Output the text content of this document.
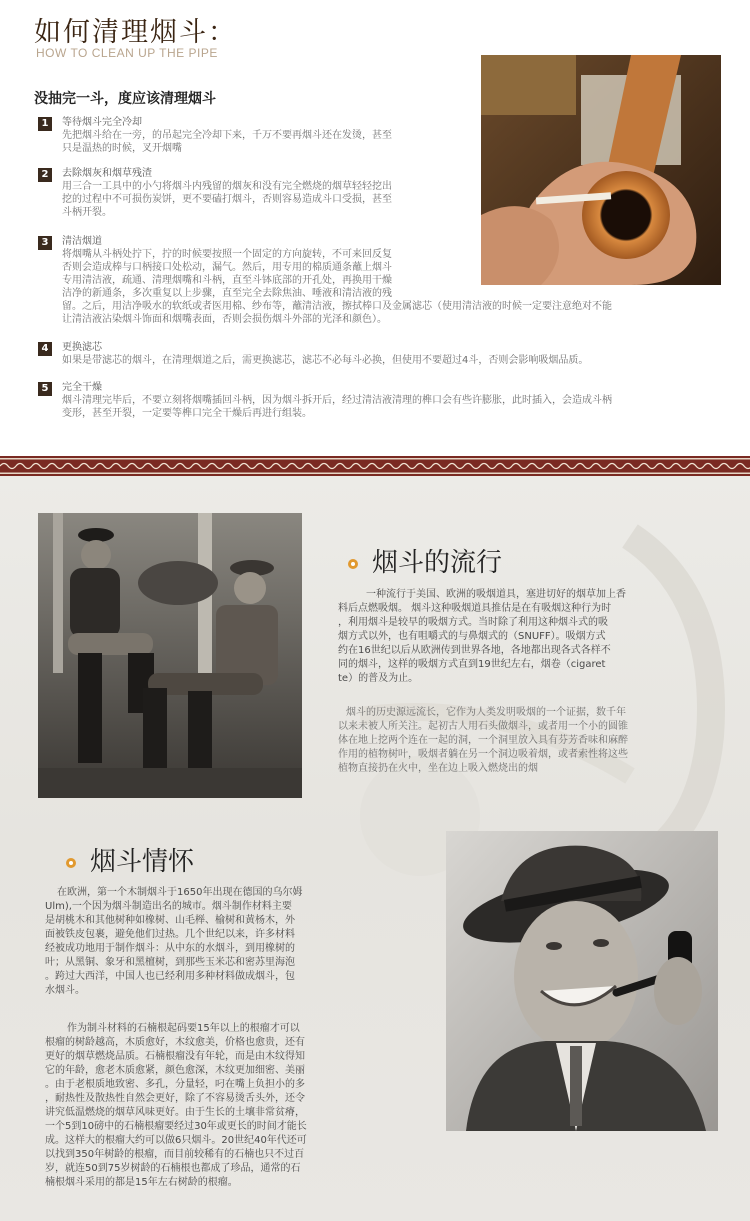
如何清理烟斗：
HOW TO CLEAN UP THE PIPE
没抽完一斗，度应该清理烟斗
1	等待烟斗完全冷却
先把烟斗给在一旁，的吊起完全冷却下来，千万不要再烟斗还在发烫，甚至
只是温热的时候，叉开烟嘴
2	去除烟灰和烟草残渣
用三合一工具中的小勺将烟斗内残留的烟灰和没有完全燃烧的烟草轻轻挖出
挖的过程中不可损伤炭饼，更不要磕打烟斗，否则容易造成斗口受损，甚至
斗柄开裂。
3	清洁烟道
将烟嘴从斗柄处拧下，拧的时候要按照一个固定的方向旋转，不可来回反复
否则会造成棒与口柄接口处松动，漏气。然后，用专用的棉质通条蘸上烟斗
专用清洁液，疏通、清理烟嘴和斗柄，直至斗钵底部的开孔处，再换用干燥
洁净的新通条，多次重复以上步骤，直至完全去除焦油、唾液和清洁液的残
留。之后，用洁净吸水的软纸或者医用棉、纱布等，蘸清洁液，擦拭棒口及金属滤芯（使用清洁液的时候一定要注意绝对不能
让清洁液沾染烟斗饰面和烟嘴表面，否则会损伤烟斗外部的光泽和颜色）。
4	更换滤芯
如果是带滤芯的烟斗，在清理烟道之后，需更换滤芯，滤芯不必每斗必换，但使用不要超过4斗，否则会影响吸烟品质。
5	完全干燥
烟斗清理完毕后，不要立刻将烟嘴插回斗柄，因为烟斗拆开后，经过清洁液清理的榫口会有些许膨胀，此时插入，会造成斗柄
变形，甚至开裂，一定要等榫口完全干燥后再进行组装。
烟斗的流行
一种流行于美国、欧洲的吸烟道具，塞进切好的烟草加上香
料后点燃吸烟。 烟斗这种吸烟道具推估是在有吸烟这种行为时
，利用烟斗是较早的吸烟方式。当时除了利用这种烟斗式的吸
烟方式以外，也有咀嚼式的与鼻烟式的（SNUFF）。吸烟方式
约在16世纪以后从欧洲传到世界各地，各地都出现各式各样不
同的烟斗，这样的吸烟方式直到19世纪左右，烟卷（cigaret
te）的普及为止。
烟斗的历史源远流长，它作为人类发明吸烟的一个证据，数千年
以来未被人所关注。起初古人用石头做烟斗，或者用一个小的圆锥
体在地上挖两个连在一起的洞，一个洞里放入具有芬芳香味和麻醉
作用的植物树叶，吸烟者躺在另一个洞边吸着烟，或者索性将这些
植物直接扔在火中，坐在边上吸入燃烧出的烟
烟斗情怀
在欧洲，第一个木制烟斗于1650年出现在德国的乌尔姆
Ulm),一个因为烟斗制造出名的城市。烟斗制作材料主要
是胡桃木和其他树种如橡树、山毛榉、榆树和黄杨木，外
面被铁皮包裹，避免他们过热。几个世纪以来，许多材料
经被成功地用于制作烟斗：从中东的水烟斗，到用橡树的
叶；从黑铜、象牙和黑檀树，到那些玉米芯和密苏里海泡
。跨过大西洋，中国人也已经利用多种材料做成烟斗，包
水烟斗。
作为制斗材料的石楠根起码要15年以上的根瘤才可以
根瘤的树龄越高，木质愈好，木纹愈美，价格也愈贵，还有
更好的烟草燃烧品质。石楠根瘤没有年轮，而是由木纹得知
它的年龄，愈老木质愈紧，颜色愈深，木纹更加细密、美丽
。由于老根质地致密、多孔，分量轻，叼在嘴上负担小的多
，耐热性及散热性自然会更好，除了不容易烫舌头外，还令
讲究低温燃烧的烟草风味更好。由于生长的土壤非常贫瘠，
一个5到10磅中的石楠根瘤要经过30年或更长的时间才能长
成。这样大的根瘤大约可以做6只烟斗。20世纪40年代还可
以找到350年树龄的根瘤，而目前较稀有的石楠也只不过百
岁，就连50到75岁树龄的石楠根也都成了珍品，通常的石
楠根烟斗采用的都是15年左右树龄的根瘤。
